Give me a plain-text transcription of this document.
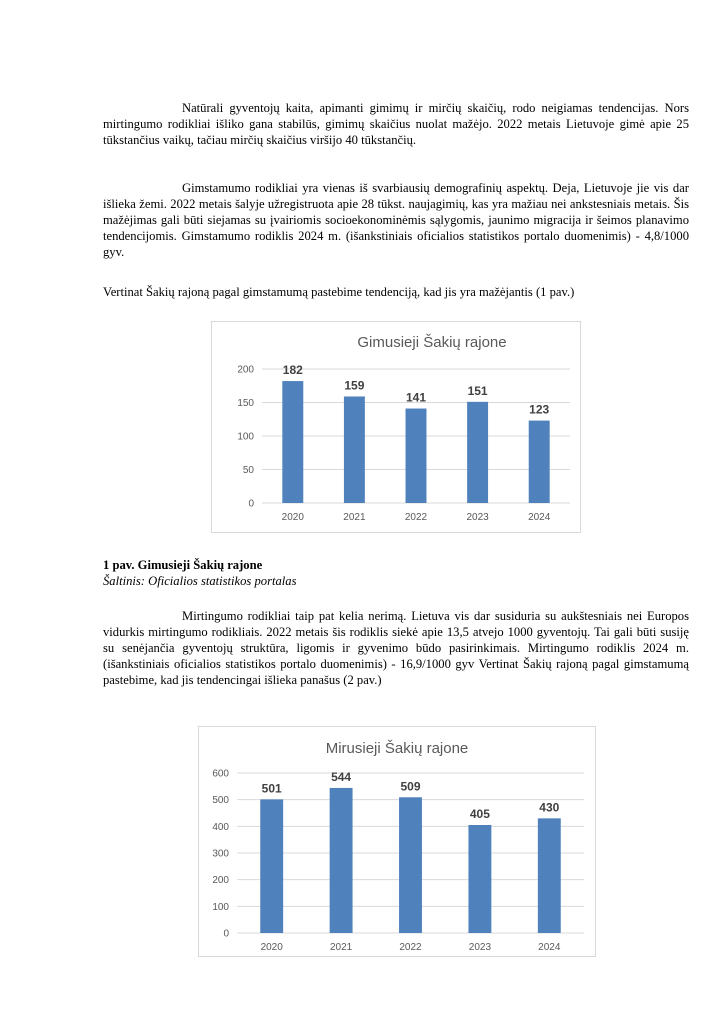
Natūrali gyventojų kaita, apimanti gimimų ir mirčių skaičių, rodo neigiamas tendencijas. Nors mirtingumo rodikliai išliko gana stabilūs, gimimų skaičius nuolat mažėjo. 2022 metais Lietuvoje gimė apie 25 tūkstančius vaikų, tačiau mirčių skaičius viršijo 40 tūkstančių.

Gimstamumo rodikliai yra vienas iš svarbiausių demografinių aspektų. Deja, Lietuvoje jie vis dar išlieka žemi. 2022 metais šalyje užregistruota apie 28 tūkst. naujagimių, kas yra mažiau nei ankstesniais metais. Šis mažėjimas gali būti siejamas su įvairiomis socioekonominėmis sąlygomis, jaunimo migracija ir šeimos planavimo tendencijomis. Gimstamumo rodiklis 2024 m. (išankstiniais oficialios statistikos portalo duomenimis) - 4,8/1000 gyv.

Vertinat Šakių rajoną pagal gimstamumą pastebime tendenciją, kad jis yra mažėjantis (1 pav.)

Gimusieji Šakių rajone
0
50
100
150
200 182
2020
159
2021
141
2022
151
2023
123
2024

1 pav. Gimusieji Šakių rajone

Šaltinis: Oficialios statistikos portalas

Mirtingumo rodikliai taip pat kelia nerimą. Lietuva vis dar susiduria su aukštesniais nei Europos vidurkis mirtingumo rodikliais. 2022 metais šis rodiklis siekė apie 13,5 atvejo 1000 gyventojų. Tai gali būti susiję su senėjančia gyventojų struktūra, ligomis ir gyvenimo būdo pasirinkimais. Mirtingumo rodiklis 2024 m. (išankstiniais oficialios statistikos portalo duomenimis) - 16,9/1000 gyv Vertinat Šakių rajoną pagal gimstamumą pastebime, kad jis tendencingai išlieka panašus (2 pav.)

Mirusieji Šakių rajone
0
100
200
300
400
500
600
501
2020
544
2021
509
2022
405
2023
430
2024
